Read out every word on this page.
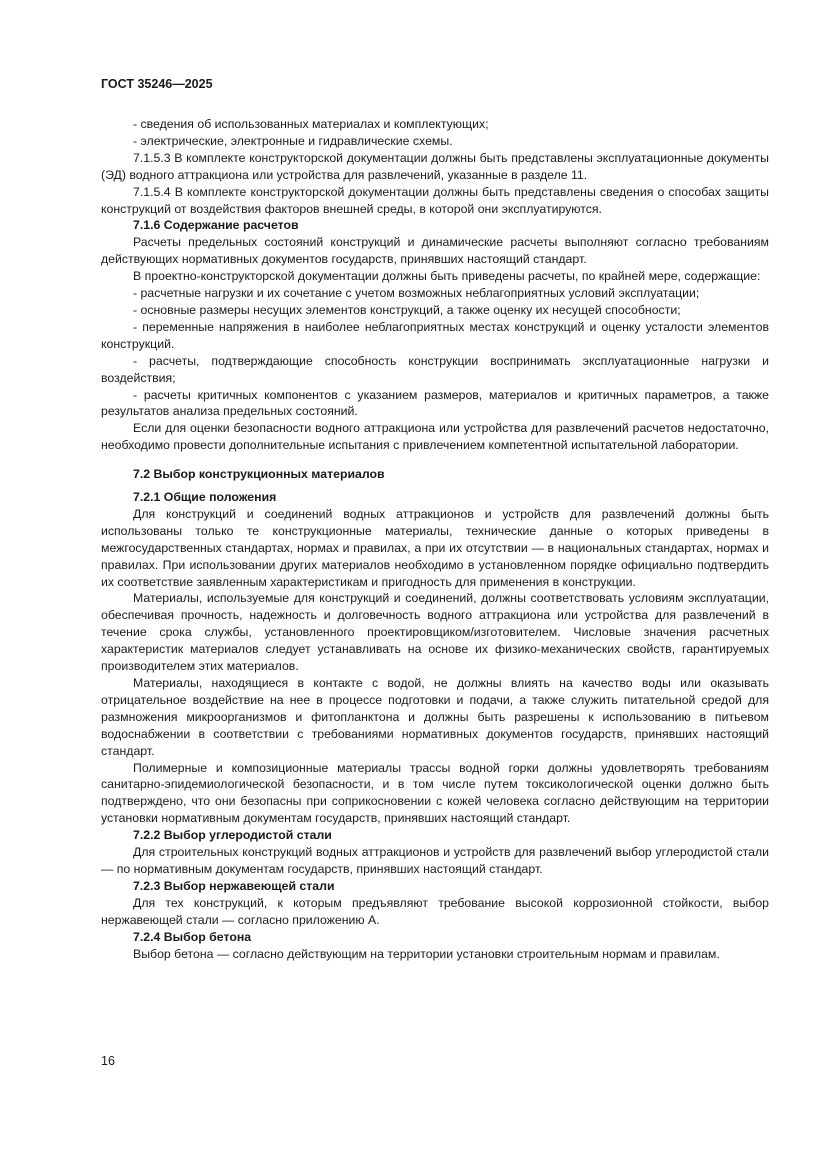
ГОСТ 35246—2025

- сведения об использованных материалах и комплектующих;

- электрические, электронные и гидравлические схемы.

7.1.5.3 В комплекте конструкторской документации должны быть представлены эксплуатационные документы (ЭД) водного аттракциона или устройства для развлечений, указанные в разделе 11.

7.1.5.4 В комплекте конструкторской документации должны быть представлены сведения о способах защиты конструкций от воздействия факторов внешней среды, в которой они эксплуатируются.

7.1.6 Содержание расчетов

Расчеты предельных состояний конструкций и динамические расчеты выполняют согласно требованиям действующих нормативных документов государств, принявших настоящий стандарт.

В проектно-конструкторской документации должны быть приведены расчеты, по крайней мере, содержащие:

- расчетные нагрузки и их сочетание с учетом возможных неблагоприятных условий эксплуатации;

- основные размеры несущих элементов конструкций, а также оценку их несущей способности;

- переменные напряжения в наиболее неблагоприятных местах конструкций и оценку усталости элементов конструкций.

- расчеты, подтверждающие способность конструкции воспринимать эксплуатационные нагрузки и воздействия;

- расчеты критичных компонентов с указанием размеров, материалов и критичных параметров, а также результатов анализа предельных состояний.

Если для оценки безопасности водного аттракциона или устройства для развлечений расчетов недостаточно, необходимо провести дополнительные испытания с привлечением компетентной испытательной лаборатории.

7.2 Выбор конструкционных материалов

7.2.1 Общие положения

Для конструкций и соединений водных аттракционов и устройств для развлечений должны быть использованы только те конструкционные материалы, технические данные о которых приведены в межгосударственных стандартах, нормах и правилах, а при их отсутствии — в национальных стандартах, нормах и правилах. При использовании других материалов необходимо в установленном порядке официально подтвердить их соответствие заявленным характеристикам и пригодность для применения в конструкции.

Материалы, используемые для конструкций и соединений, должны соответствовать условиям эксплуатации, обеспечивая прочность, надежность и долговечность водного аттракциона или устройства для развлечений в течение срока службы, установленного проектировщиком/изготовителем. Числовые значения расчетных характеристик материалов следует устанавливать на основе их физико-механических свойств, гарантируемых производителем этих материалов.

Материалы, находящиеся в контакте с водой, не должны влиять на качество воды или оказывать отрицательное воздействие на нее в процессе подготовки и подачи, а также служить питательной средой для размножения микроорганизмов и фитопланктона и должны быть разрешены к использованию в питьевом водоснабжении в соответствии с требованиями нормативных документов государств, принявших настоящий стандарт.

Полимерные и композиционные материалы трассы водной горки должны удовлетворять требованиям санитарно-эпидемиологической безопасности, и в том числе путем токсикологической оценки должно быть подтверждено, что они безопасны при соприкосновении с кожей человека согласно действующим на территории установки нормативным документам государств, принявших настоящий стандарт.

7.2.2 Выбор углеродистой стали

Для строительных конструкций водных аттракционов и устройств для развлечений выбор углеродистой стали — по нормативным документам государств, принявших настоящий стандарт.

7.2.3 Выбор нержавеющей стали

Для тех конструкций, к которым предъявляют требование высокой коррозионной стойкости, выбор нержавеющей стали — согласно приложению А.

7.2.4 Выбор бетона

Выбор бетона — согласно действующим на территории установки строительным нормам и правилам.

16
